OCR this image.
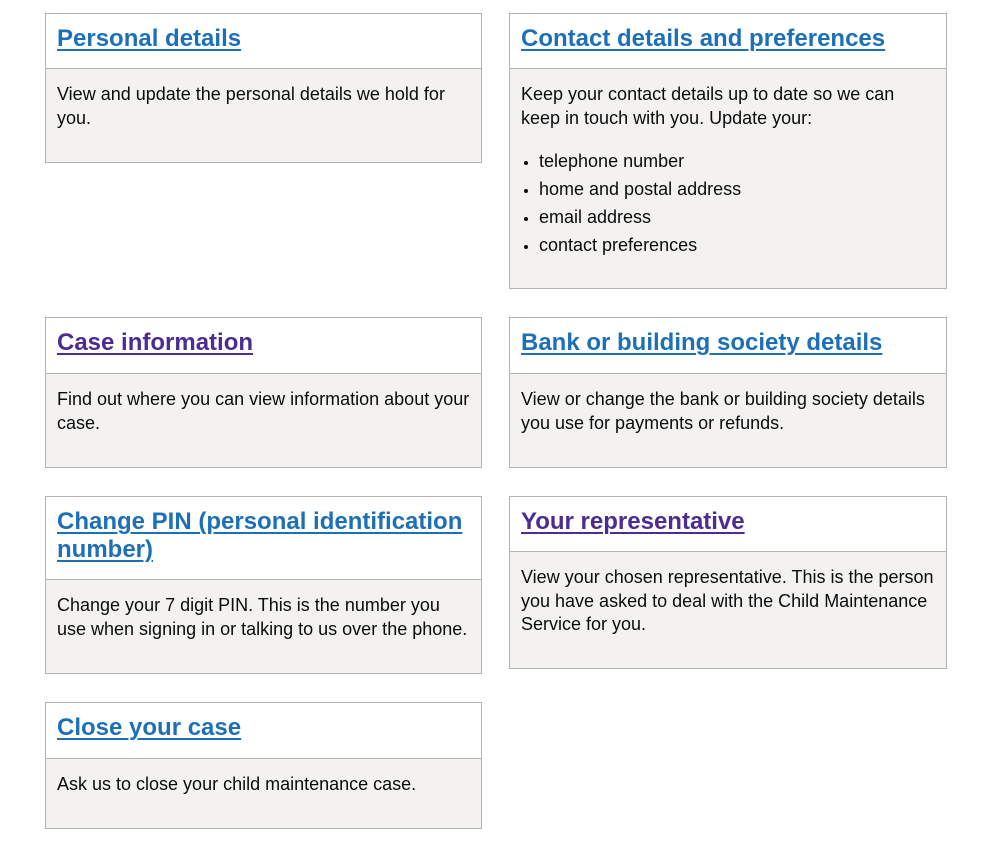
Personal details

View and update the personal details we hold for you.

Contact details and preferences

Keep your contact details up to date so we can keep in touch with you. Update your:

• telephone number
• home and postal address
• email address
• contact preferences
Case information

Find out where you can view information about your case.

Bank or building society details

View or change the bank or building society details you use for payments or refunds.

Change PIN (personal identification number)

Change your 7 digit PIN. This is the number you use when signing in or talking to us over the phone.

Your representative

View your chosen representative. This is the person you have asked to deal with the Child Maintenance Service for you.

Close your case

Ask us to close your child maintenance case.
